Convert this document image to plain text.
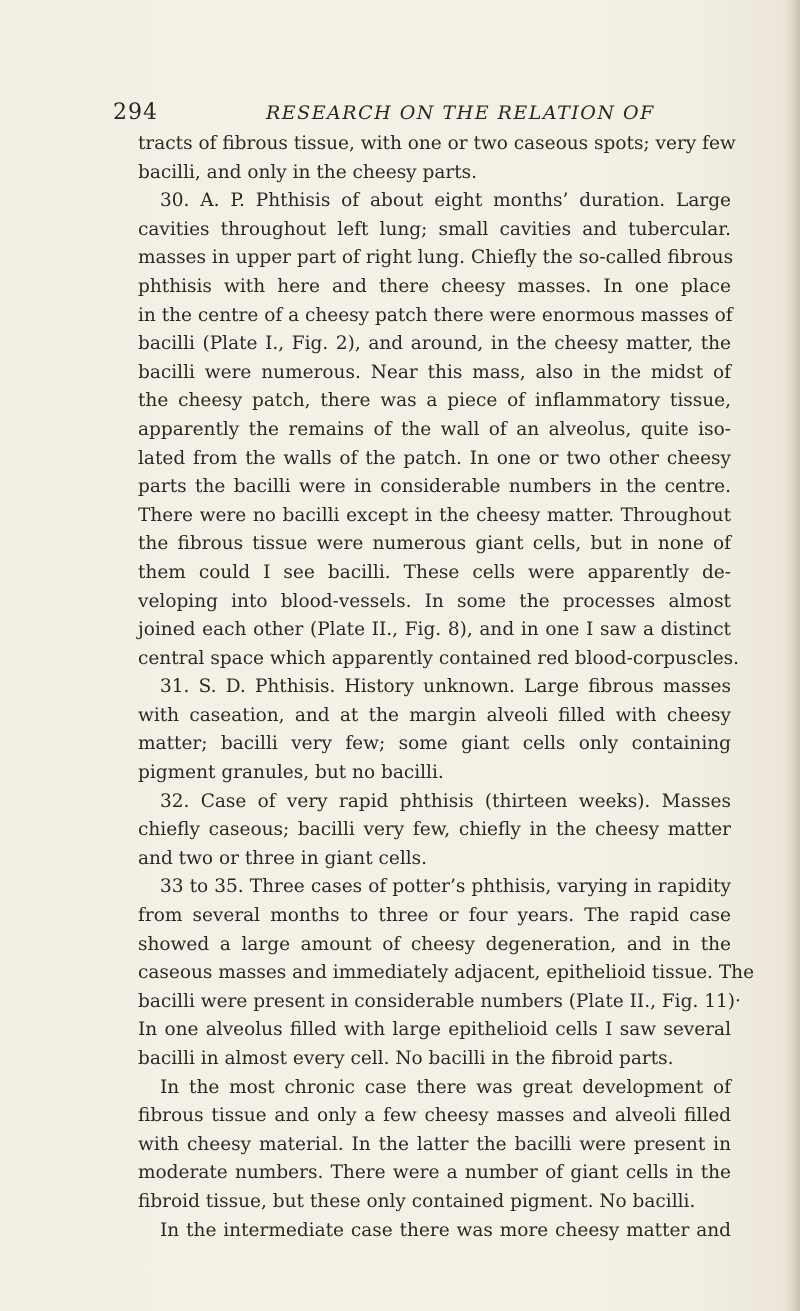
294	RESEARCH ON THE RELATION OF
tracts of fibrous tissue, with one or two caseous spots; very few
bacilli, and only in the cheesy parts.
30. A. P. Phthisis of about eight months’ duration. Large
cavities throughout left lung; small cavities and tubercular.
masses in upper part of right lung. Chiefly the so-called fibrous
phthisis with here and there cheesy masses. In one place
in the centre of a cheesy patch there were enormous masses of
bacilli (Plate I., Fig. 2), and around, in the cheesy matter, the
bacilli were numerous. Near this mass, also in the midst of
the cheesy patch, there was a piece of inflammatory tissue,
apparently the remains of the wall of an alveolus, quite iso-
lated from the walls of the patch. In one or two other cheesy
parts the bacilli were in considerable numbers in the centre.
There were no bacilli except in the cheesy matter. Throughout
the fibrous tissue were numerous giant cells, but in none of
them could I see bacilli. These cells were apparently de-
veloping into blood-vessels. In some the processes almost
joined each other (Plate II., Fig. 8), and in one I saw a distinct
central space which apparently contained red blood-corpuscles.
31. S. D. Phthisis. History unknown. Large fibrous masses
with caseation, and at the margin alveoli filled with cheesy
matter; bacilli very few; some giant cells only containing
pigment granules, but no bacilli.
32. Case of very rapid phthisis (thirteen weeks). Masses
chiefly caseous; bacilli very few, chiefly in the cheesy matter
and two or three in giant cells.
33 to 35. Three cases of potter’s phthisis, varying in rapidity
from several months to three or four years. The rapid case
showed a large amount of cheesy degeneration, and in the
caseous masses and immediately adjacent, epithelioid tissue. The
bacilli were present in considerable numbers (Plate II., Fig. 11)·
In one alveolus filled with large epithelioid cells I saw several
bacilli in almost every cell. No bacilli in the fibroid parts.
In the most chronic case there was great development of
fibrous tissue and only a few cheesy masses and alveoli filled
with cheesy material. In the latter the bacilli were present in
moderate numbers. There were a number of giant cells in the
fibroid tissue, but these only contained pigment. No bacilli.
In the intermediate case there was more cheesy matter and
